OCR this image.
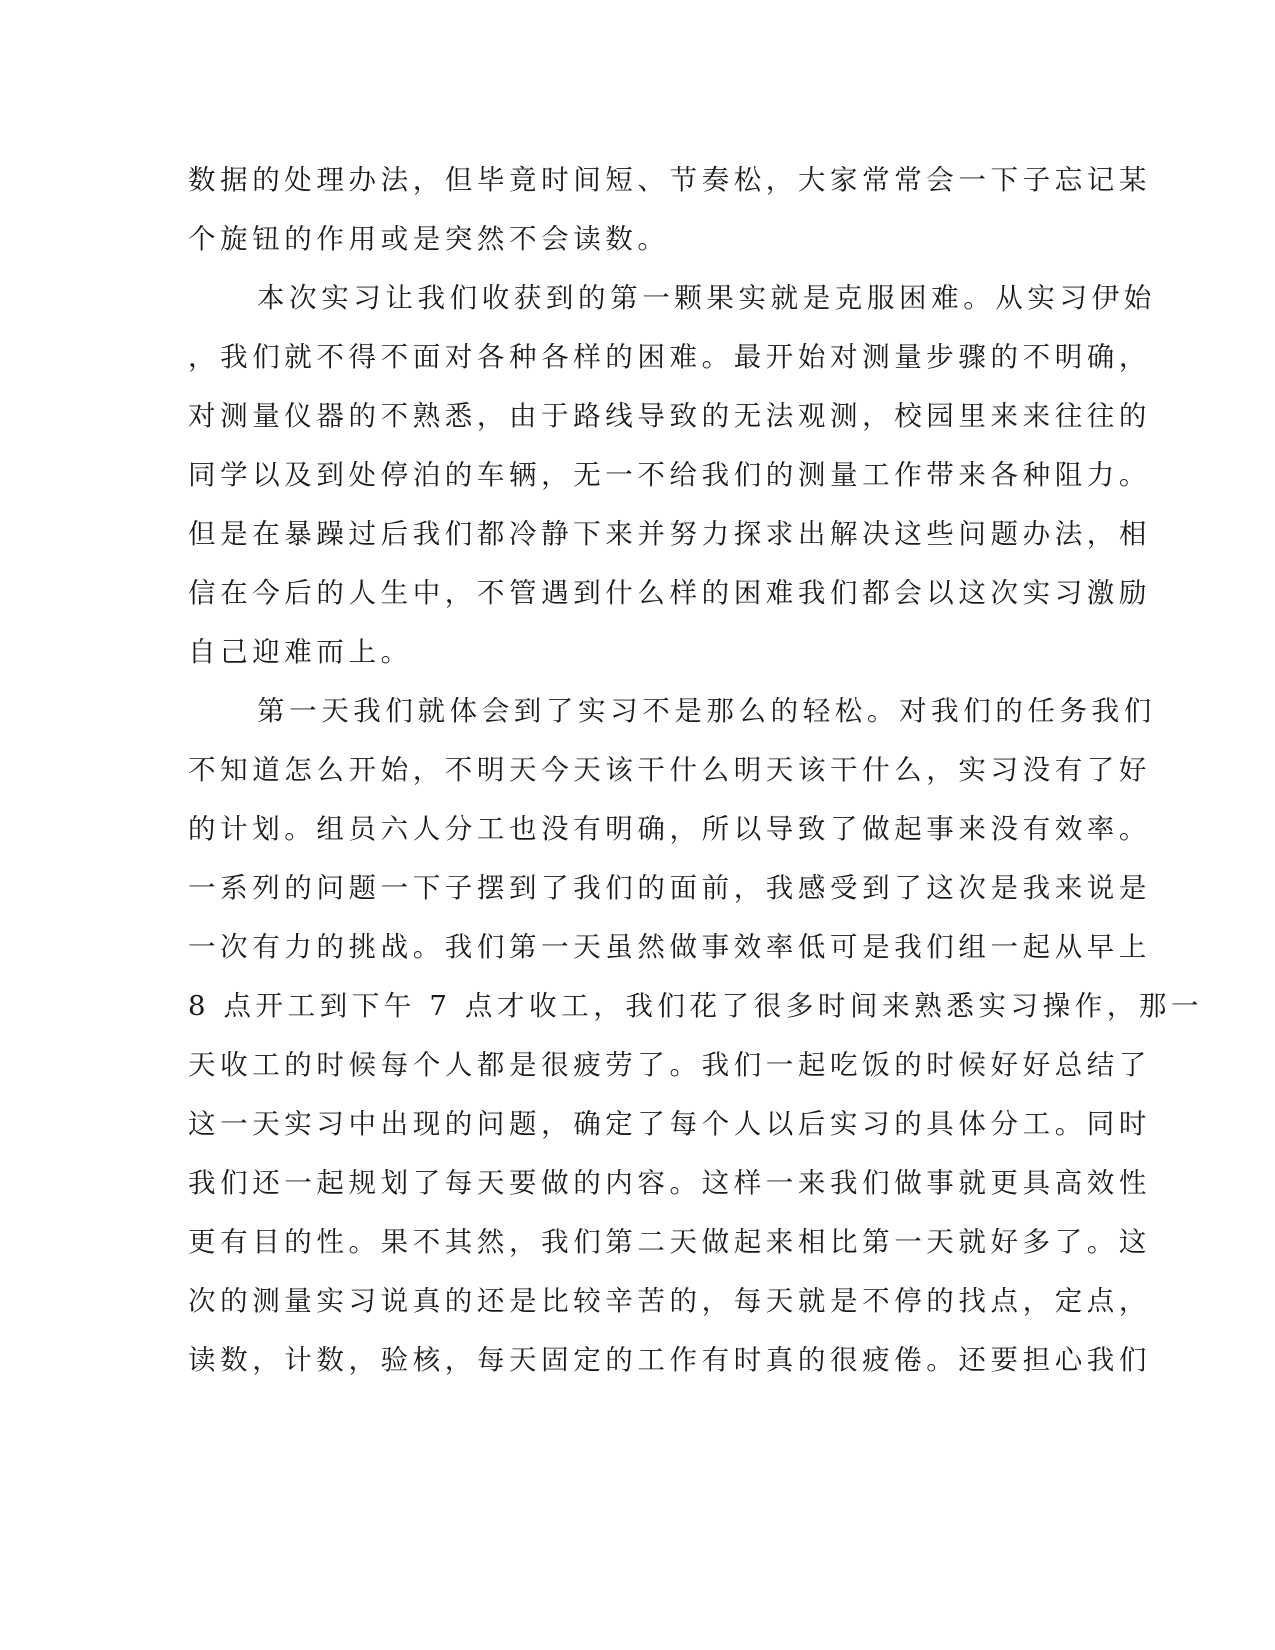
数据的处理办法，但毕竟时间短、节奏松，大家常常会一下子忘记某
个旋钮的作用或是突然不会读数。
本次实习让我们收获到的第一颗果实就是克服困难。从实习伊始
，我们就不得不面对各种各样的困难。最开始对测量步骤的不明确，
对测量仪器的不熟悉，由于路线导致的无法观测，校园里来来往往的
同学以及到处停泊的车辆，无一不给我们的测量工作带来各种阻力。
但是在暴躁过后我们都冷静下来并努力探求出解决这些问题办法，相
信在今后的人生中，不管遇到什么样的困难我们都会以这次实习激励
自己迎难而上。
第一天我们就体会到了实习不是那么的轻松。对我们的任务我们
不知道怎么开始，不明天今天该干什么明天该干什么，实习没有了好
的计划。组员六人分工也没有明确，所以导致了做起事来没有效率。
一系列的问题一下子摆到了我们的面前，我感受到了这次是我来说是
一次有力的挑战。我们第一天虽然做事效率低可是我们组一起从早上
8 点开工到下午 7 点才收工，我们花了很多时间来熟悉实习操作，那一
天收工的时候每个人都是很疲劳了。我们一起吃饭的时候好好总结了
这一天实习中出现的问题，确定了每个人以后实习的具体分工。同时
我们还一起规划了每天要做的内容。这样一来我们做事就更具高效性
更有目的性。果不其然，我们第二天做起来相比第一天就好多了。这
次的测量实习说真的还是比较辛苦的，每天就是不停的找点，定点，
读数，计数，验核，每天固定的工作有时真的很疲倦。还要担心我们
